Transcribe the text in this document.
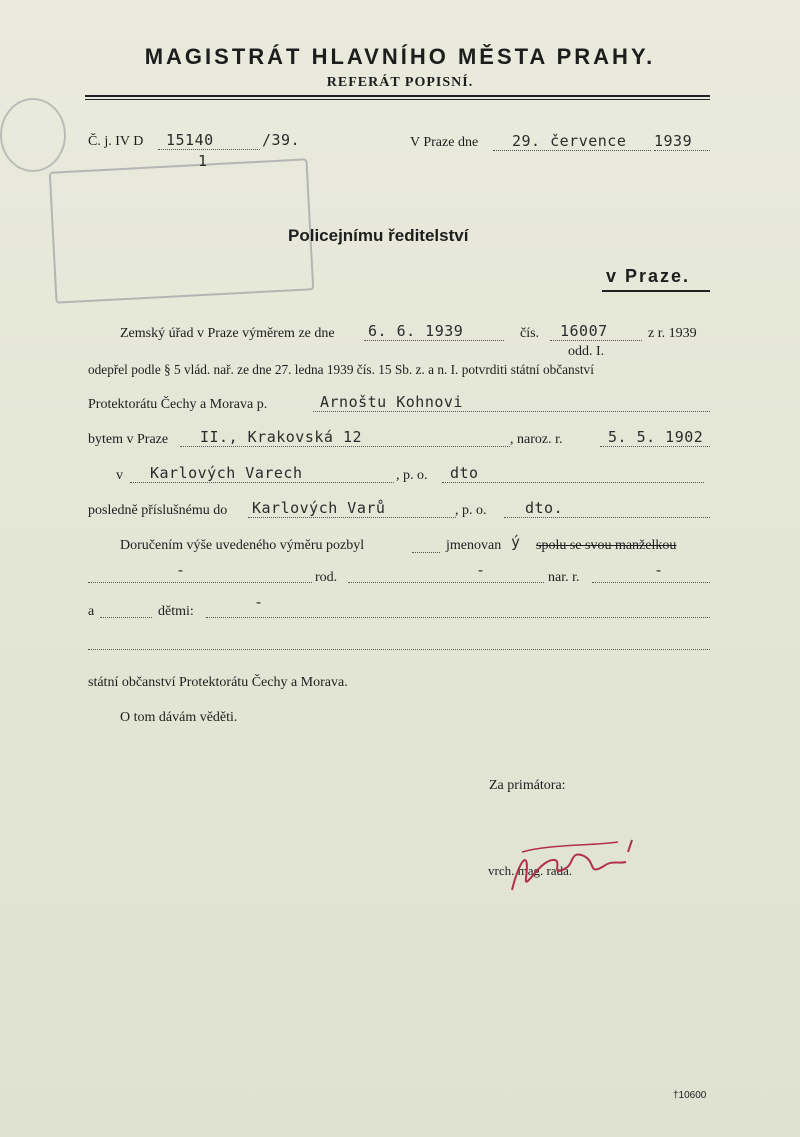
MAGISTRÁT HLAVNÍHO MĚSTA PRAHY.
REFERÁT POPISNÍ.
Č. j. IV D 15140	/39.
1
V Praze dne 29. července 1939
Policejnímu ředitelství
v Praze.
Zemský úřad v Praze výměrem ze dne 6. 6. 1939	čís. 16007	z r. 1939
odd. I.
odepřel podle § 5 vlád. nař. ze dne 27. ledna 1939 čís. 15 Sb. z. a n. I. potvrditi státní občanství
Protektorátu Čechy a Morava p.	Arnoštu Kohnovi
bytem v Praze II., Krakovská 12	, naroz. r.	5. 5. 1902
v Karlových Varech	, p. o. dto
posledně příslušnému do Karlových Varů	, p. o.	dto.
Doručením výše uvedeného výměru pozbyl	jmenovan ý spolu se svou manželkou
-	rod.	-	nar. r.	-
a	dětmi:
-
státní občanství Protektorátu Čechy a Morava.
O tom dávám věděti.
Za primátora:
vrch. mag. rada.
†10600
